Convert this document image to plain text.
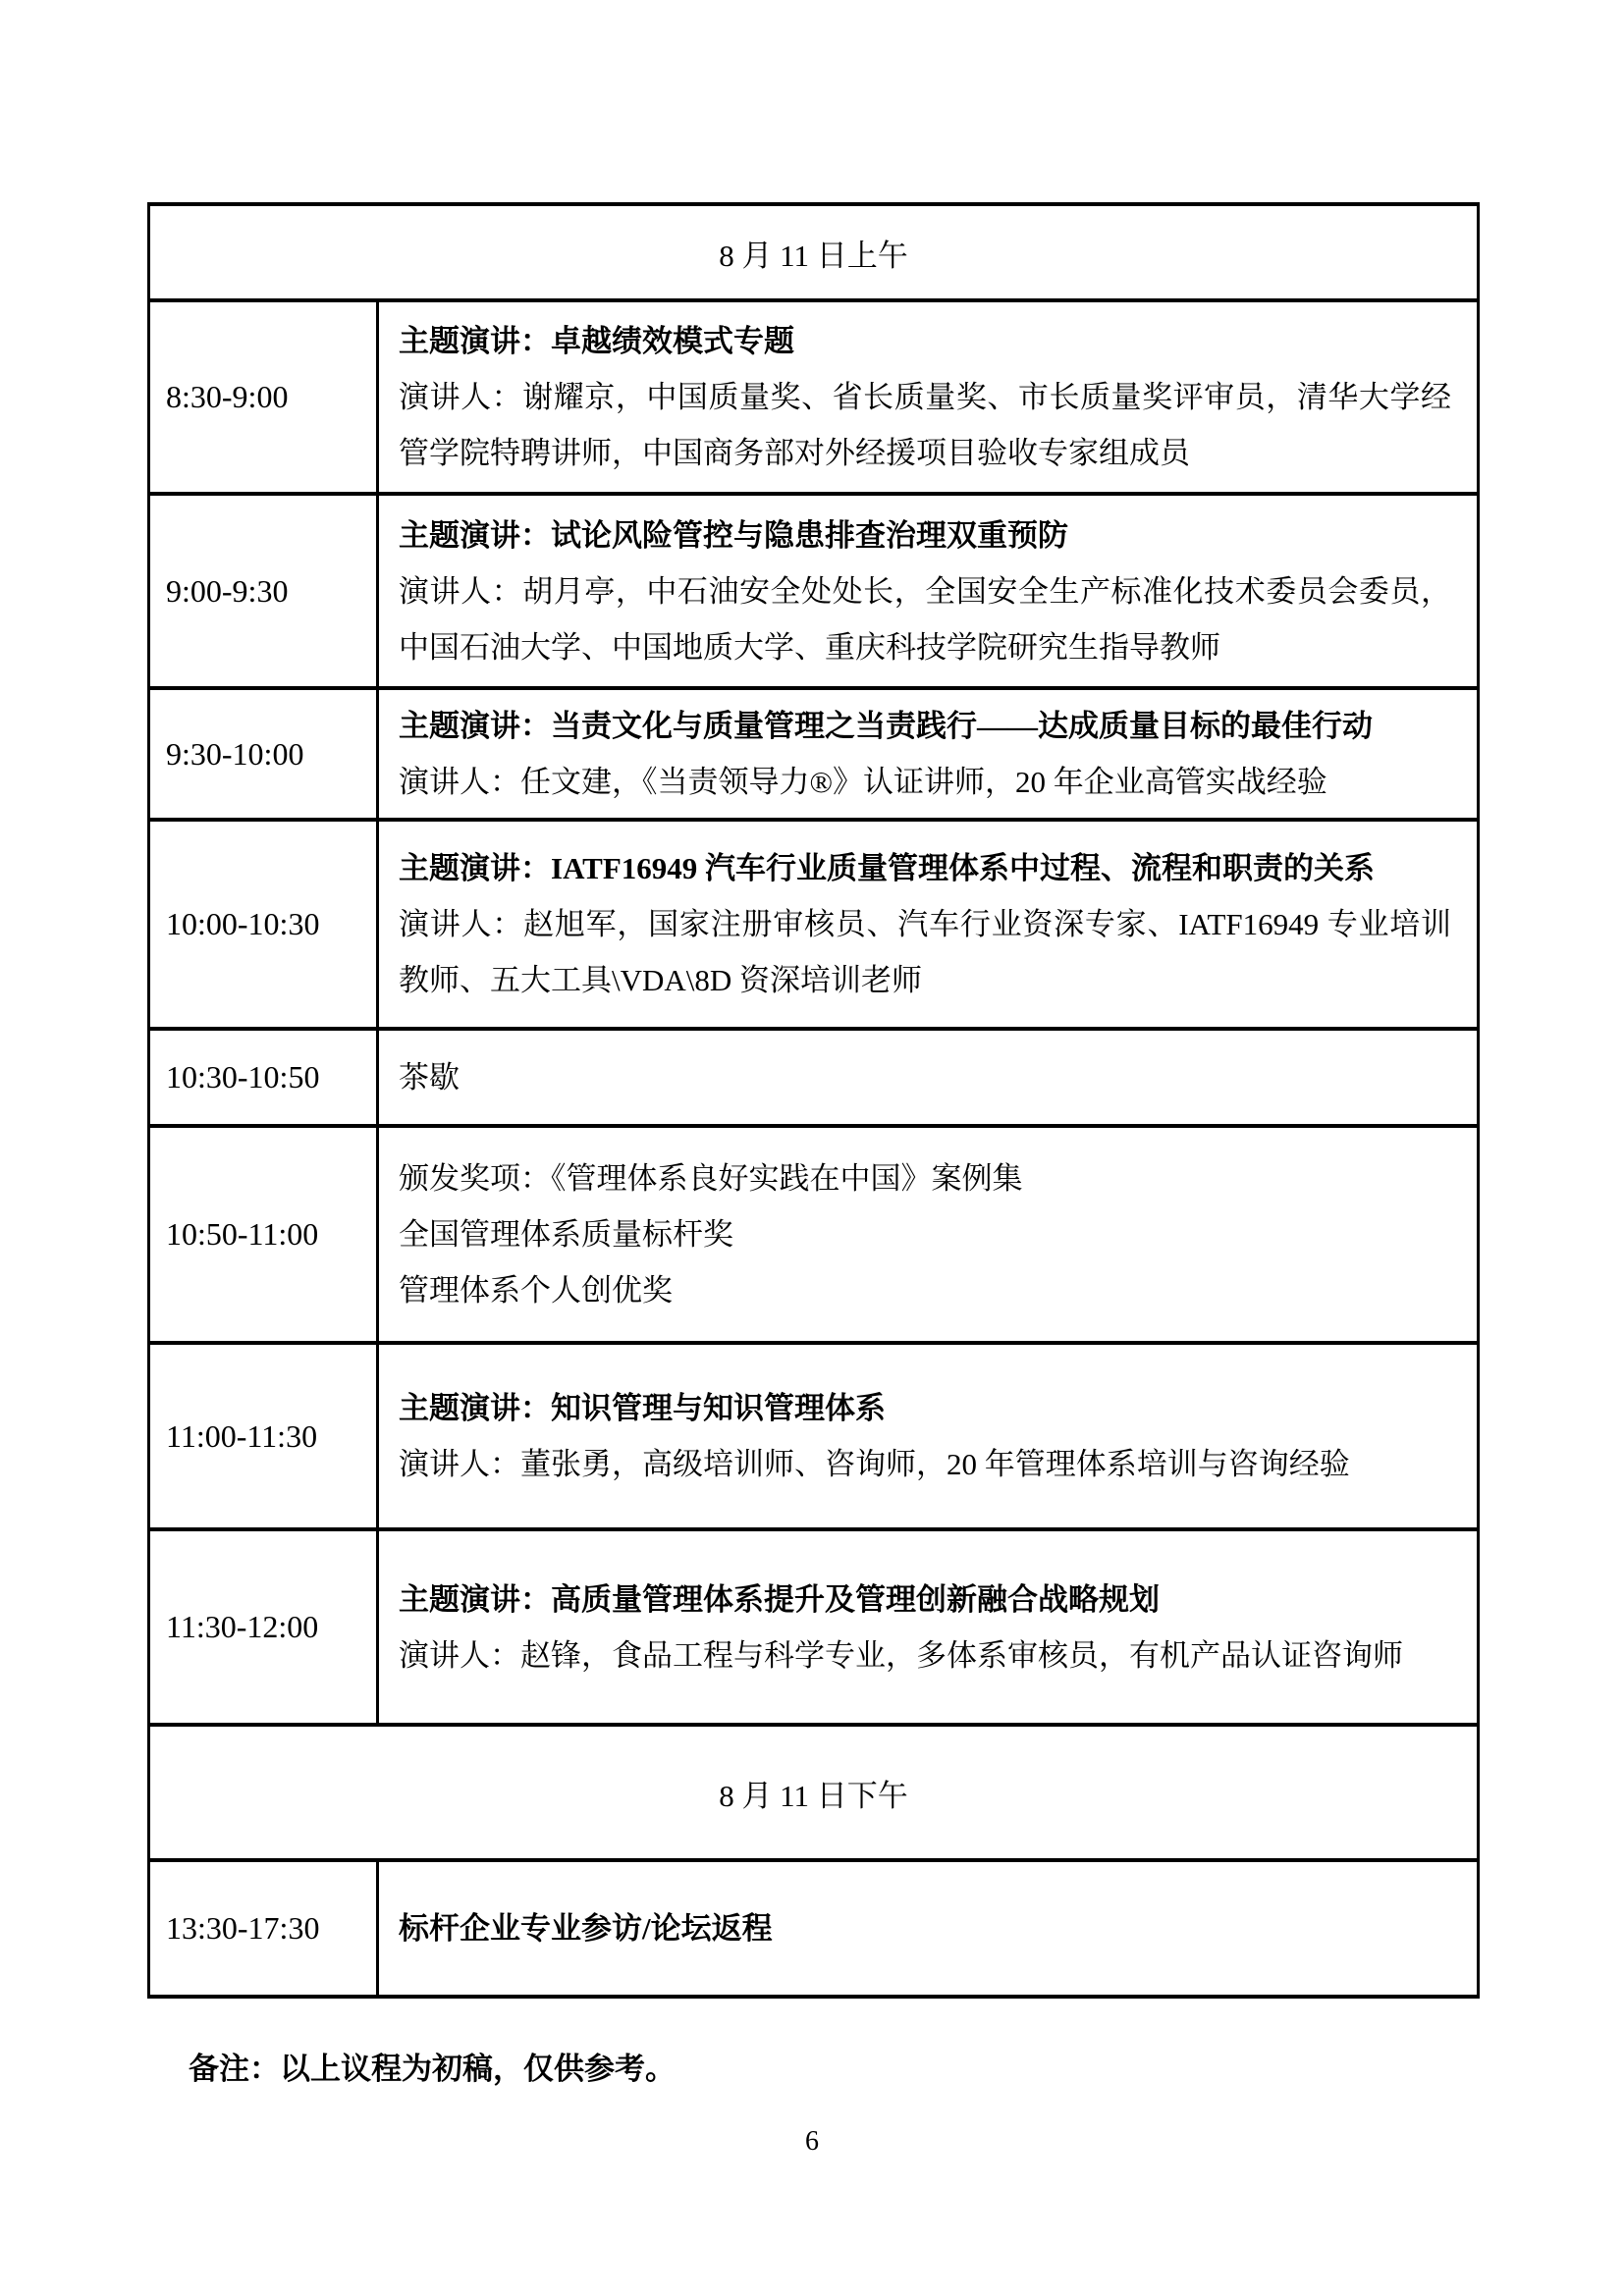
8 月 11 日上午	
8:30-9:00	主题演讲：卓越绩效模式专题

演讲人：谢耀京，中国质量奖、省长质量奖、市长质量奖评审员，清华大学经管学院特聘讲师，中国商务部对外经援项目验收专家组成员

9:00-9:30	主题演讲：试论风险管控与隐患排查治理双重预防

演讲人：胡月亭，中石油安全处处长，全国安全生产标准化技术委员会委员，中国石油大学、中国地质大学、重庆科技学院研究生指导教师

9:30-10:00	主题演讲：当责文化与质量管理之当责践行——达成质量目标的最佳行动

演讲人：任文建，《当责领导力®》认证讲师，20 年企业高管实战经验

10:00-10:30	主题演讲：IATF16949 汽车行业质量管理体系中过程、流程和职责的关系

演讲人：赵旭军，国家注册审核员、汽车行业资深专家、IATF16949 专业培训教师、五大工具\VDA\8D 资深培训老师

10:30-10:50	茶歇

10:50-11:00	颁发奖项：《管理体系良好实践在中国》案例集

全国管理体系质量标杆奖

管理体系个人创优奖

11:00-11:30	主题演讲：知识管理与知识管理体系

演讲人：董张勇，高级培训师、咨询师，20 年管理体系培训与咨询经验

11:30-12:00	主题演讲：高质量管理体系提升及管理创新融合战略规划

演讲人：赵锋，食品工程与科学专业，多体系审核员，有机产品认证咨询师

8 月 11 日下午	
13:30-17:30	标杆企业专业参访/论坛返程

备注：以上议程为初稿，仅供参考。
6
